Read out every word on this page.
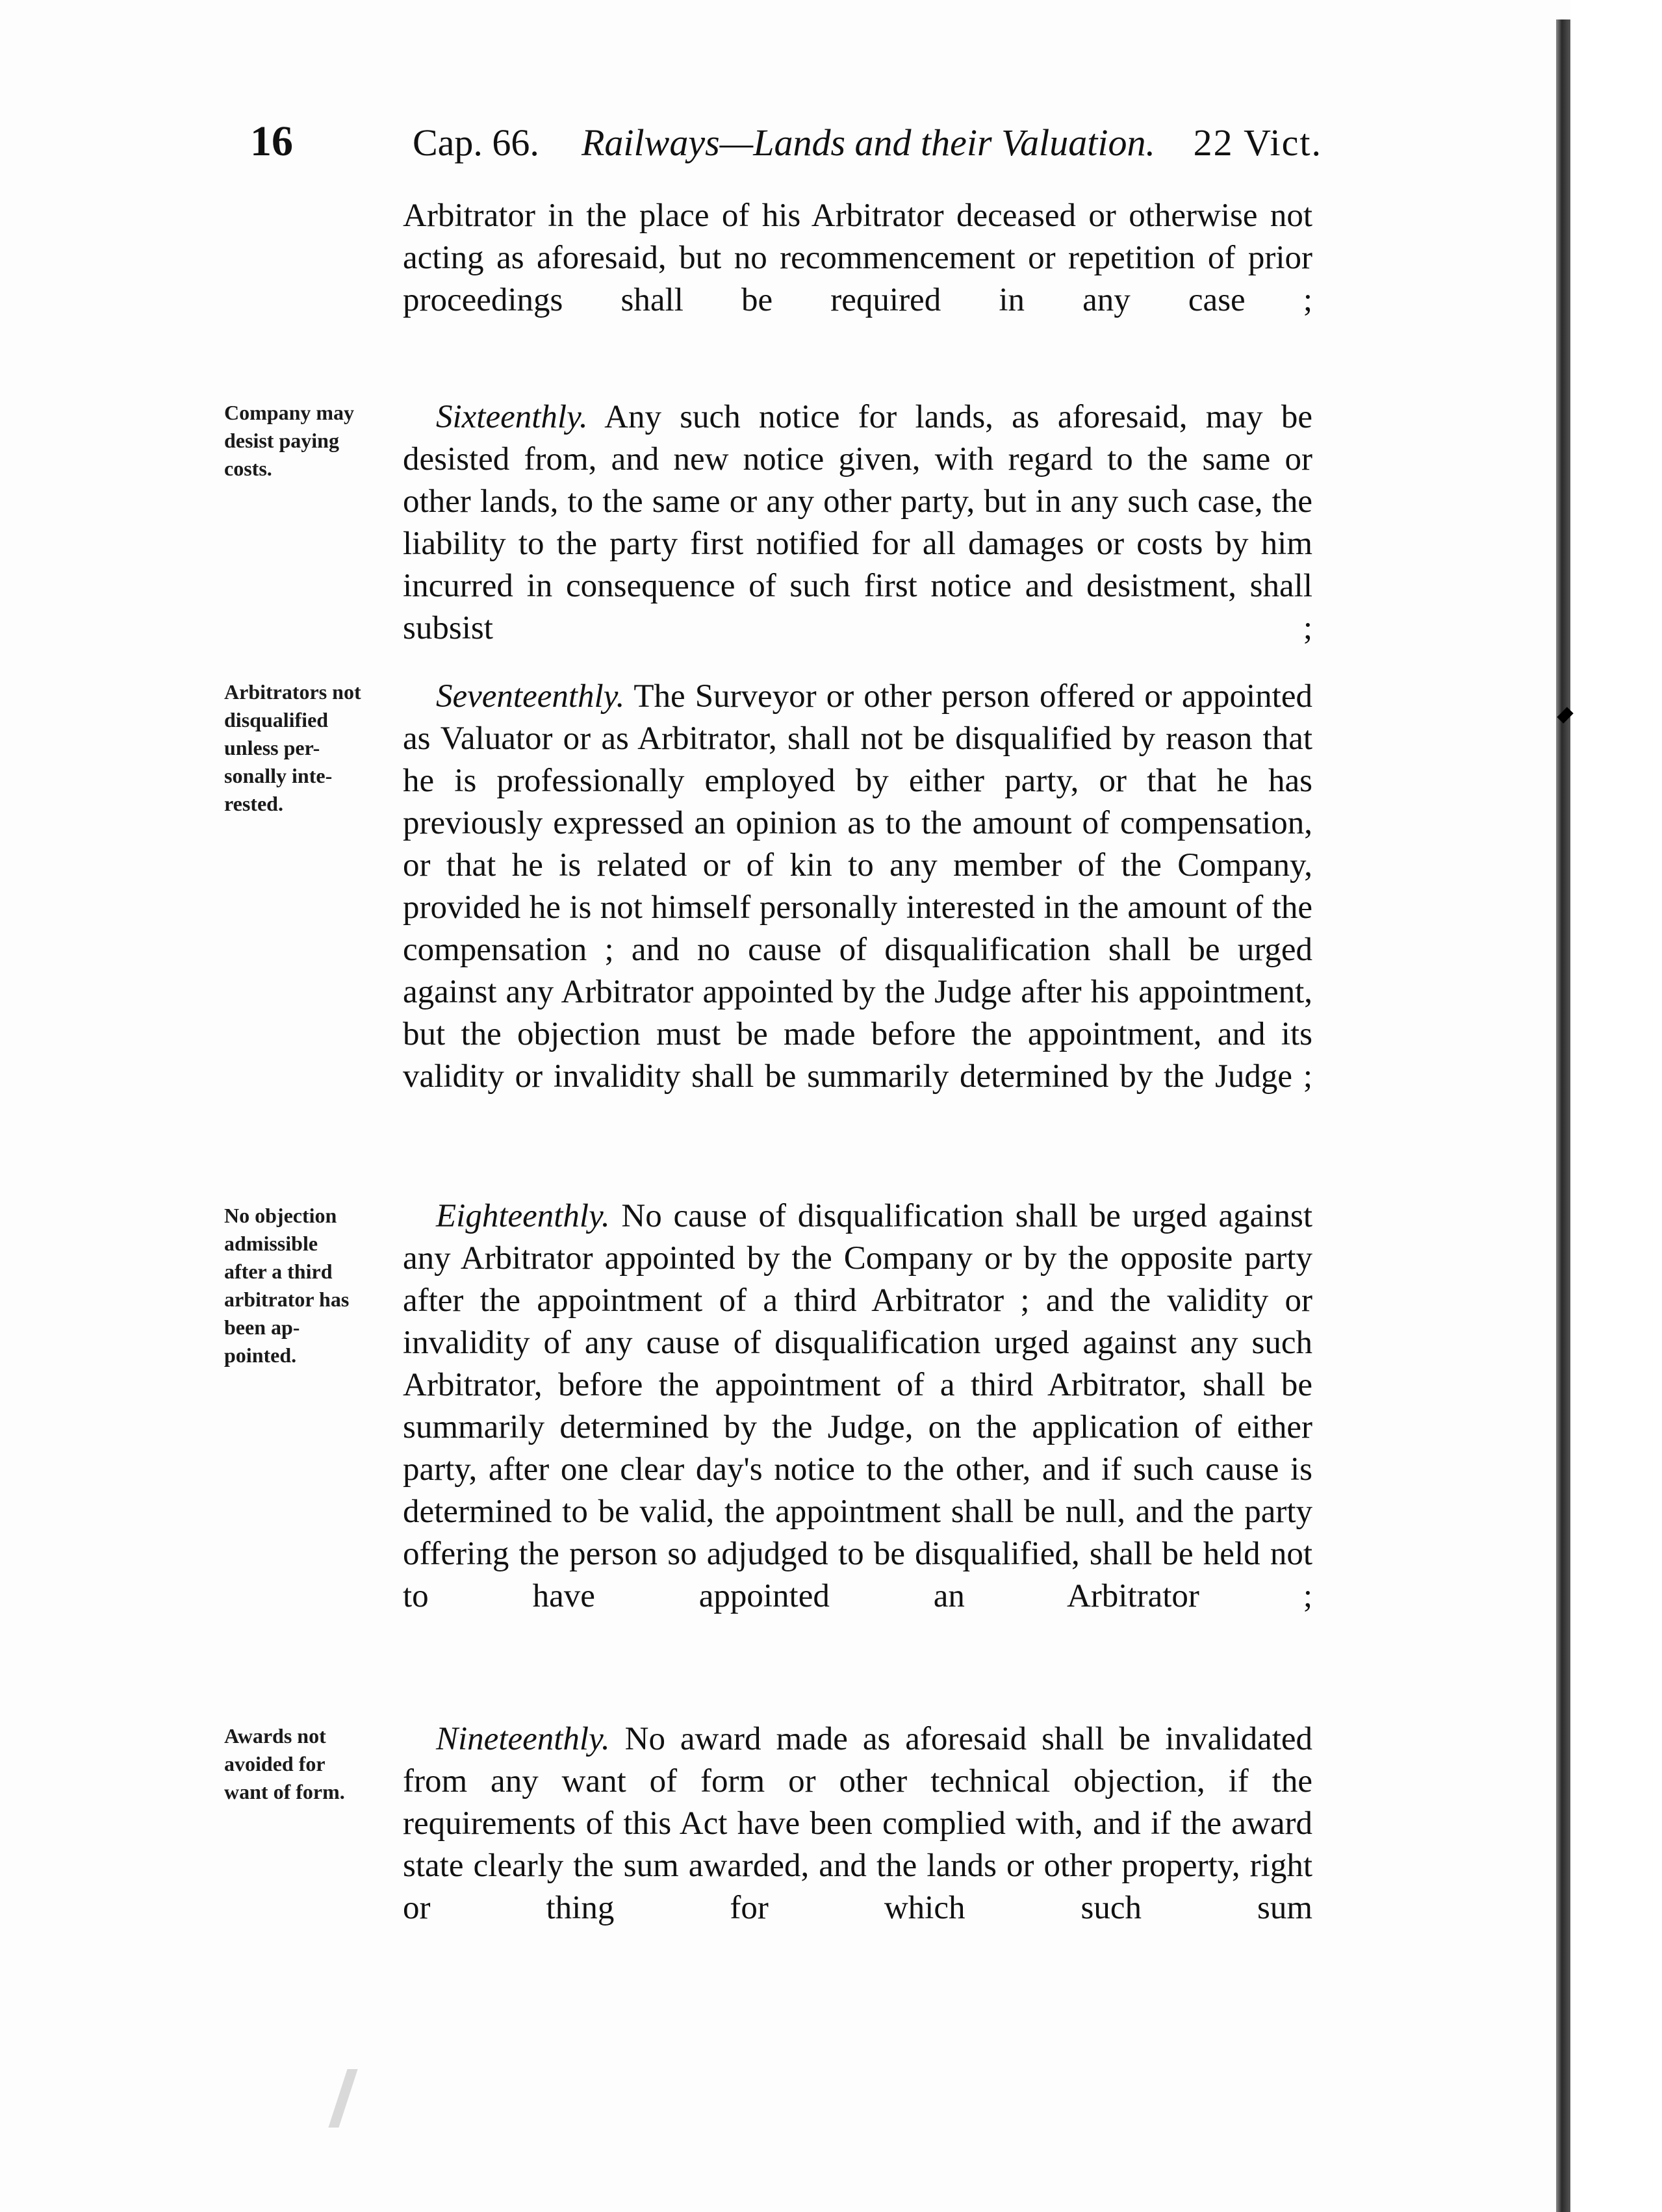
16	Cap. 66. Railways—Lands and their Valuation. 22 Vict.
Arbitrator in the place of his Arbitrator deceased or otherwise not acting as aforesaid, but no recommencement or repetition of prior proceedings shall be required in any case ;
Company may
desist paying
costs.
 Sixteenthly. Any such notice for lands, as aforesaid, may be desisted from, and new notice given, with regard to the same or other lands, to the same or any other party, but in any such case, the liability to the party first notified for all damages or costs by him incurred in consequence of such first notice and desistment, shall subsist ;
Arbitrators not
disqualified
unless per-
sonally inte-
rested.
 Seventeenthly. The Surveyor or other person offered or appointed as Valuator or as Arbitrator, shall not be disqualified by reason that he is professionally employed by either party, or that he has previously expressed an opinion as to the amount of compensation, or that he is related or of kin to any member of the Company, provided he is not himself personally interested in the amount of the compensation ; and no cause of disqualification shall be urged against any Arbitrator appointed by the Judge after his appointment, but the objection must be made before the appointment, and its validity or invalidity shall be summarily determined by the Judge ;
No objection
admissible
after a third
arbitrator has
been ap-
pointed.
 Eighteenthly. No cause of disqualification shall be urged against any Arbitrator appointed by the Company or by the opposite party after the appointment of a third Arbitrator ; and the validity or invalidity of any cause of disqualification urged against any such Arbitrator, before the appointment of a third Arbitrator, shall be summarily determined by the Judge, on the application of either party, after one clear day's notice to the other, and if such cause is determined to be valid, the appointment shall be null, and the party offering the person so adjudged to be disqualified, shall be held not to have appointed an Arbitrator ;
Awards not
avoided for
want of form.
 Nineteenthly. No award made as aforesaid shall be invalidated from any want of form or other technical objection, if the requirements of this Act have been complied with, and if the award state clearly the sum awarded, and the lands or other property, right or thing for which such sum
